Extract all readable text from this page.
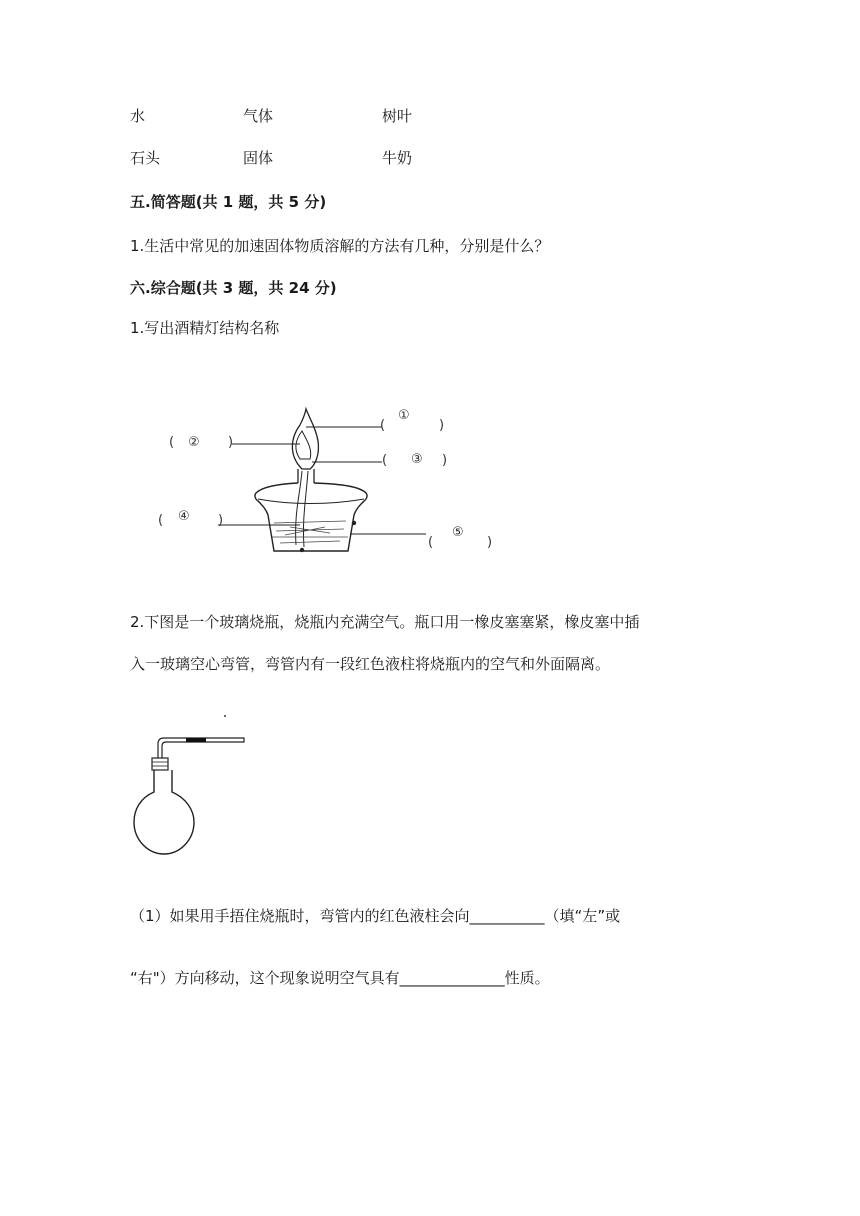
水	气体	树叶
石头	固体	牛奶
五.简答题(共 1 题，共 5 分)
1.生活中常见的加速固体物质溶解的方法有几种，分别是什么？
六.综合题(共 3 题，共 24 分)
1.写出酒精灯结构名称
(
①
)
( ② )
( ③ )
( ④ )
(
⑤
)
2.下图是一个玻璃烧瓶，烧瓶内充满空气。瓶口用一橡皮塞塞紧，橡皮塞中插
入一玻璃空心弯管，弯管内有一段红色液柱将烧瓶内的空气和外面隔离。
（1）如果用手捂住烧瓶时，弯管内的红色液柱会向__________（填“左”或
“右"）方向移动，这个现象说明空气具有______________性质。
